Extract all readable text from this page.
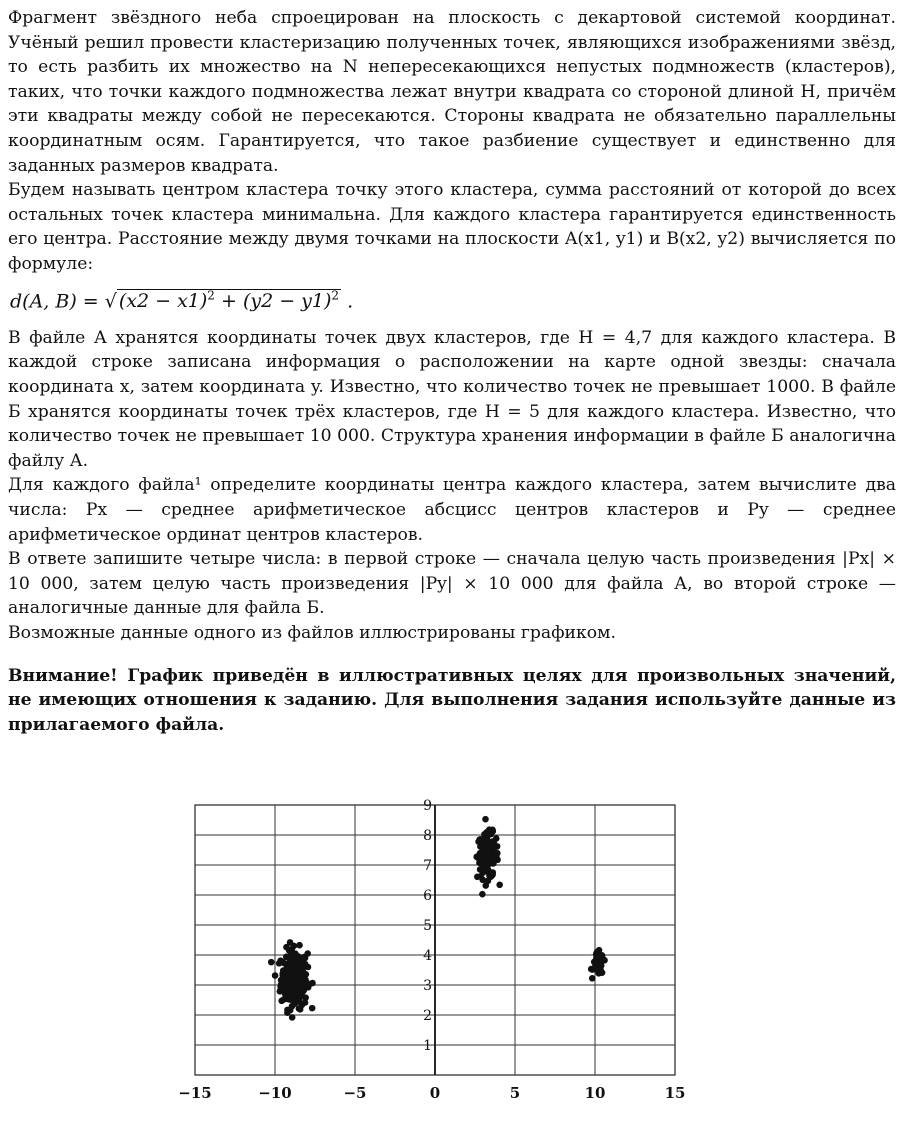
Фрагмент звёздного неба спроецирован на плоскость с декартовой системой координат. Учёный решил провести кластеризацию полученных точек, являющихся изображениями звёзд, то есть разбить их множество на N непересекающихся непустых подмножеств (кластеров), таких, что точки каждого подмножества лежат внутри квадрата со стороной длиной H, причём эти квадраты между собой не пересекаются. Стороны квадрата не обязательно параллельны координатным осям. Гарантируется, что такое разбиение существует и единственно для заданных размеров квадрата.

Будем называть центром кластера точку этого кластера, сумма расстояний от которой до всех остальных точек кластера минимальна. Для каждого кластера гарантируется единственность его центра. Расстояние между двумя точками на плоскости A(x1, y1) и B(x2, y2) вычисляется по формуле:

d(A, B) = √ $(x2 - x1)^2 + (y2 - y1)^2$ .

В файле А хранятся координаты точек двух кластеров, где H = 4,7 для каждого кластера. В каждой строке записана информация о расположении на карте одной звезды: сначала координата x, затем координата y. Известно, что количество точек не превышает 1000. В файле Б хранятся координаты точек трёх кластеров, где H = 5 для каждого кластера. Известно, что количество точек не превышает 10 000. Структура хранения информации в файле Б аналогична файлу А.

Для каждого файла¹ определите координаты центра каждого кластера, затем вычислите два числа: Px — среднее арифметическое абсцисс центров кластеров и Py — среднее арифметическое ординат центров кластеров.

В ответе запишите четыре числа: в первой строке — сначала целую часть произведения |Px| × 10 000, затем целую часть произведения |Py| × 10 000 для файла А, во второй строке — аналогичные данные для файла Б.

Возможные данные одного из файлов иллюстрированы графиком.

Внимание! График приведён в иллюстративных целях для произвольных значений, не имеющих отношения к заданию. Для выполнения задания используйте данные из прилагаемого файла.

−15	−10	−5	0	5	10	15
1
2
3
4
5
6
7
8
9
